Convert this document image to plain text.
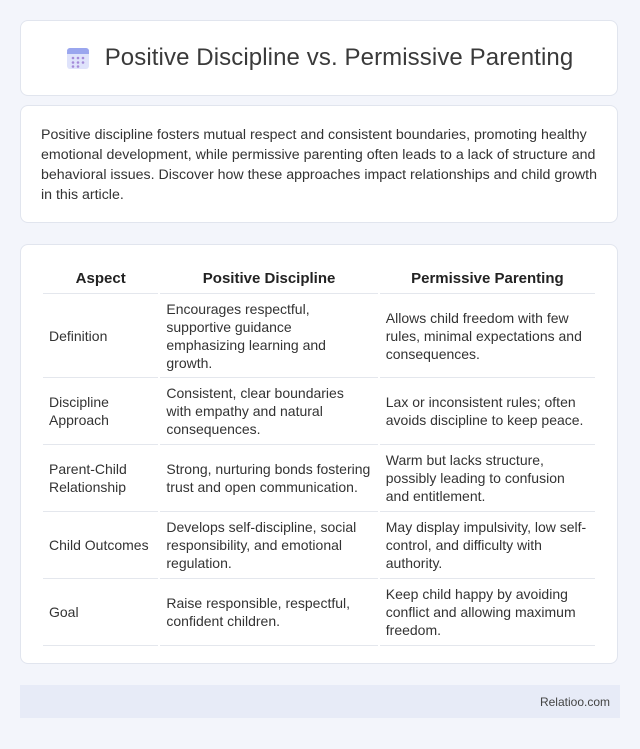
Positive Discipline vs. Permissive Parenting

Positive discipline fosters mutual respect and consistent boundaries, promoting healthy emotional development, while permissive parenting often leads to a lack of structure and behavioral issues. Discover how these approaches impact relationships and child growth in this article.

Aspect	Positive Discipline	Permissive Parenting
Definition	Encourages respectful, supportive guidance emphasizing learning and growth.	Allows child freedom with few rules, minimal expectations and consequences.
Discipline Approach	Consistent, clear boundaries with empathy and natural consequences.	Lax or inconsistent rules; often avoids discipline to keep peace.
Parent-Child Relationship	Strong, nurturing bonds fostering trust and open communication.	Warm but lacks structure, possibly leading to confusion and entitlement.
Child Outcomes	Develops self-discipline, social responsibility, and emotional regulation.	May display impulsivity, low self-control, and difficulty with authority.
Goal	Raise responsible, respectful, confident children.	Keep child happy by avoiding conflict and allowing maximum freedom.
Relatioo.com
